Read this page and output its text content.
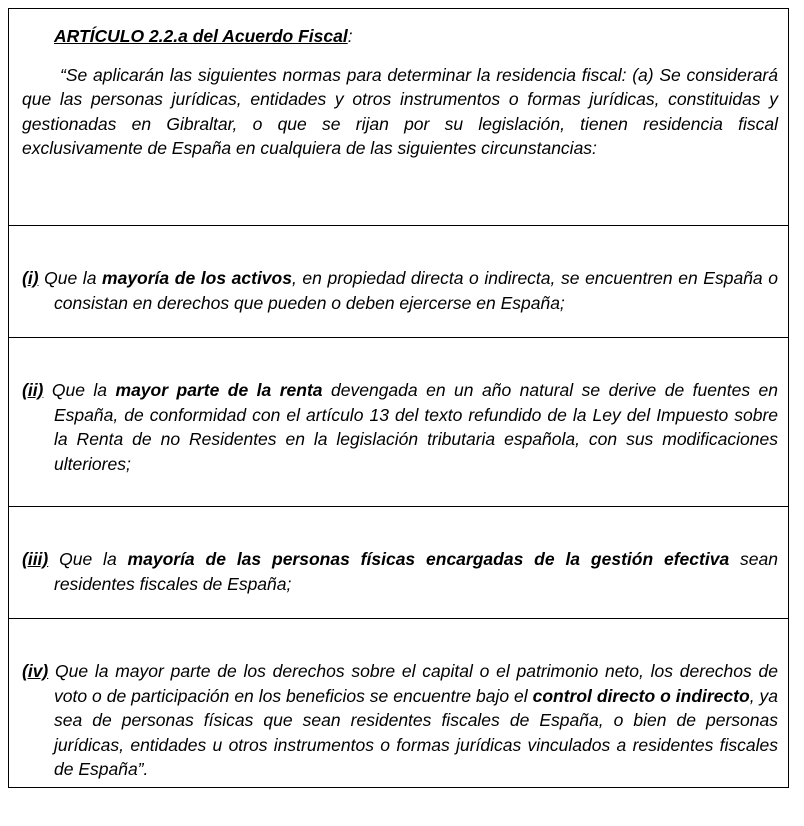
ARTÍCULO 2.2.a del Acuerdo Fiscal:

“Se aplicarán las siguientes normas para determinar la residencia fiscal: (a) Se considerará que las personas jurídicas, entidades y otros instrumentos o formas jurídicas, constituidas y gestionadas en Gibraltar, o que se rijan por su legislación, tienen residencia fiscal exclusivamente de España en cualquiera de las siguientes circunstancias:

(i) Que la mayoría de los activos, en propiedad directa o indirecta, se encuentren en España o consistan en derechos que pueden o deben ejercerse en España;

(ii) Que la mayor parte de la renta devengada en un año natural se derive de fuentes en España, de conformidad con el artículo 13 del texto refundido de la Ley del Impuesto sobre la Renta de no Residentes en la legislación tributaria española, con sus modificaciones ulteriores;

(iii) Que la mayoría de las personas físicas encargadas de la gestión efectiva sean residentes fiscales de España;

(iv) Que la mayor parte de los derechos sobre el capital o el patrimonio neto, los derechos de voto o de participación en los beneficios se encuentre bajo el control directo o indirecto, ya sea de personas físicas que sean residentes fiscales de España, o bien de personas jurídicas, entidades u otros instrumentos o formas jurídicas vinculados a residentes fiscales de España”.
